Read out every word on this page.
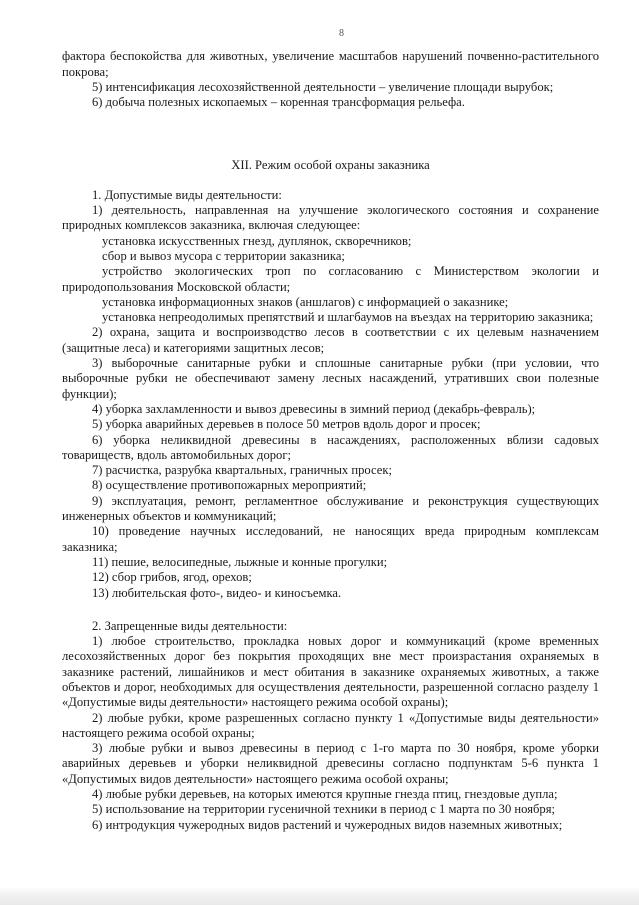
8

фактора беспокойства для животных, увеличение масштабов нарушений почвенно-растительного покрова;

5) интенсификация лесохозяйственной деятельности – увеличение площади вырубок;

6) добыча полезных ископаемых – коренная трансформация рельефа.

XII. Режим особой охраны заказника

1. Допустимые виды деятельности:

1) деятельность, направленная на улучшение экологического состояния и сохранение природных комплексов заказника, включая следующее:

установка искусственных гнезд, дуплянок, скворечников;

сбор и вывоз мусора с территории заказника;

устройство экологических троп по согласованию с Министерством экологии и природопользования Московской области;

установка информационных знаков (аншлагов) с информацией о заказнике;

установка непреодолимых препятствий и шлагбаумов на въездах на территорию заказника;

2) охрана, защита и воспроизводство лесов в соответствии с их целевым назначением (защитные леса) и категориями защитных лесов;

3) выборочные санитарные рубки и сплошные санитарные рубки (при условии, что выборочные рубки не обеспечивают замену лесных насаждений, утративших свои полезные функции);

4) уборка захламленности и вывоз древесины в зимний период (декабрь-февраль);

5) уборка аварийных деревьев в полосе 50 метров вдоль дорог и просек;

6) уборка неликвидной древесины в насаждениях, расположенных вблизи садовых товариществ, вдоль автомобильных дорог;

7) расчистка, разрубка квартальных, граничных просек;

8) осуществление противопожарных мероприятий;

9) эксплуатация, ремонт, регламентное обслуживание и реконструкция существующих инженерных объектов и коммуникаций;

10) проведение научных исследований, не наносящих вреда природным комплексам заказника;

11) пешие, велосипедные, лыжные и конные прогулки;

12) сбор грибов, ягод, орехов;

13) любительская фото-, видео- и киносъемка.

2. Запрещенные виды деятельности:

1) любое строительство, прокладка новых дорог и коммуникаций (кроме временных лесохозяйственных дорог без покрытия проходящих вне мест произрастания охраняемых в заказнике растений, лишайников и мест обитания в заказнике охраняемых животных, а также объектов и дорог, необходимых для осуществления деятельности, разрешенной согласно разделу 1 «Допустимые виды деятельности» настоящего режима особой охраны);

2) любые рубки, кроме разрешенных согласно пункту 1 «Допустимые виды деятельности» настоящего режима особой охраны;

3) любые рубки и вывоз древесины в период с 1-го марта по 30 ноября, кроме уборки аварийных деревьев и уборки неликвидной древесины согласно подпунктам 5-6 пункта 1 «Допустимых видов деятельности» настоящего режима особой охраны;

4) любые рубки деревьев, на которых имеются крупные гнезда птиц, гнездовые дупла;

5) использование на территории гусеничной техники в период с 1 марта по 30 ноября;

6) интродукция чужеродных видов растений и чужеродных видов наземных животных;
